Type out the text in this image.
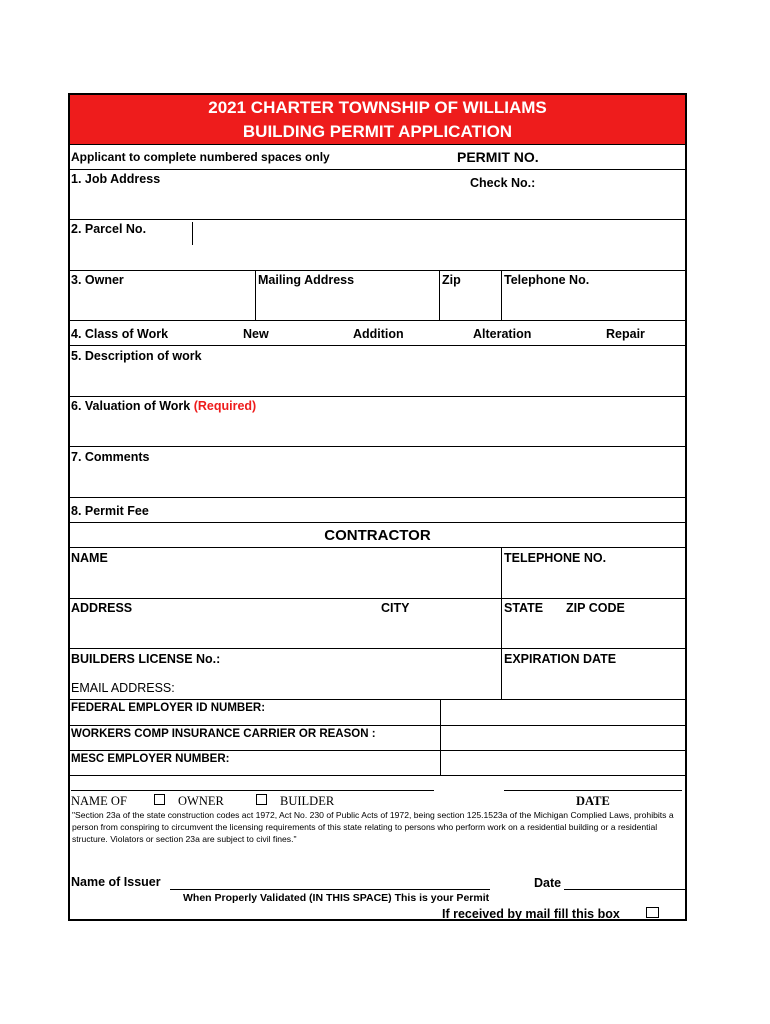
2021 CHARTER TOWNSHIP OF WILLIAMS
BUILDING PERMIT APPLICATION
Applicant to complete numbered spaces only	PERMIT NO.
1. Job Address	Check No.:
2. Parcel No.
3. Owner	Mailing Address	Zip	Telephone No.
4. Class of Work	New	Addition	Alteration	Repair
5. Description of work
6. Valuation of Work (Required)
7. Comments
8. Permit Fee
CONTRACTOR
NAME	TELEPHONE NO.
ADDRESS	CITY	STATE ZIP CODE
BUILDERS LICENSE No.:	EXPIRATION DATE
EMAIL ADDRESS:
FEDERAL EMPLOYER ID NUMBER:
WORKERS COMP INSURANCE CARRIER OR REASON :
MESC EMPLOYER NUMBER:
NAME OF	OWNER	BUILDER	DATE
"Section 23a of the state construction codes act 1972, Act No. 230 of Public Acts of 1972, being section 125.1523a of the Michigan Complied Laws, prohibits a person from conspiring to circumvent the licensing requirements of this state relating to persons who perform work on a residential building or a residential structure. Violators or section 23a are subject to civil fines."
Name of Issuer	Date
When Properly Validated (IN THIS SPACE) This is your Permit
If received by mail fill this box
